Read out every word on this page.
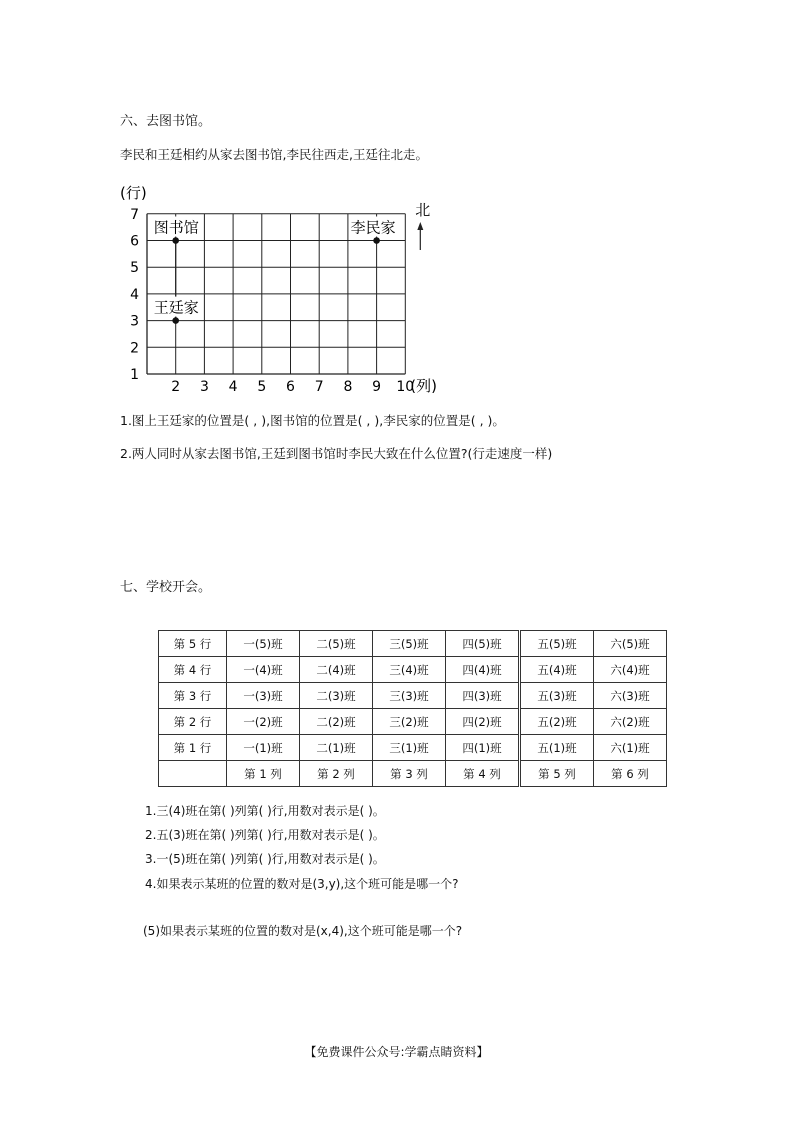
六、去图书馆。
李民和王廷相约从家去图书馆,李民往西走,王廷往北走。
1
2
3
4
5
6
7
2 3 4 5 6 7 8 9 10
(行)
(列)
北
图书馆	李民家
王廷家
1.图上王廷家的位置是( , ),图书馆的位置是( , ),李民家的位置是( , )。
2.两人同时从家去图书馆,王廷到图书馆时李民大致在什么位置?(行走速度一样)
七、学校开会。
第 5 行	一(5)班	二(5)班	三(5)班	四(5)班	五(5)班	六(5)班
第 4 行	一(4)班	二(4)班	三(4)班	四(4)班	五(4)班	六(4)班
第 3 行	一(3)班	二(3)班	三(3)班	四(3)班	五(3)班	六(3)班
第 2 行	一(2)班	二(2)班	三(2)班	四(2)班	五(2)班	六(2)班
第 1 行	一(1)班	二(1)班	三(1)班	四(1)班	五(1)班	六(1)班
	第 1 列	第 2 列	第 3 列	第 4 列	第 5 列	第 6 列
1.三(4)班在第( )列第( )行,用数对表示是( )。
2.五(3)班在第( )列第( )行,用数对表示是( )。
3.一(5)班在第( )列第( )行,用数对表示是( )。
4.如果表示某班的位置的数对是(3,y),这个班可能是哪一个?
(5)如果表示某班的位置的数对是(x,4),这个班可能是哪一个?
【免费课件公众号:学霸点睛资料】
